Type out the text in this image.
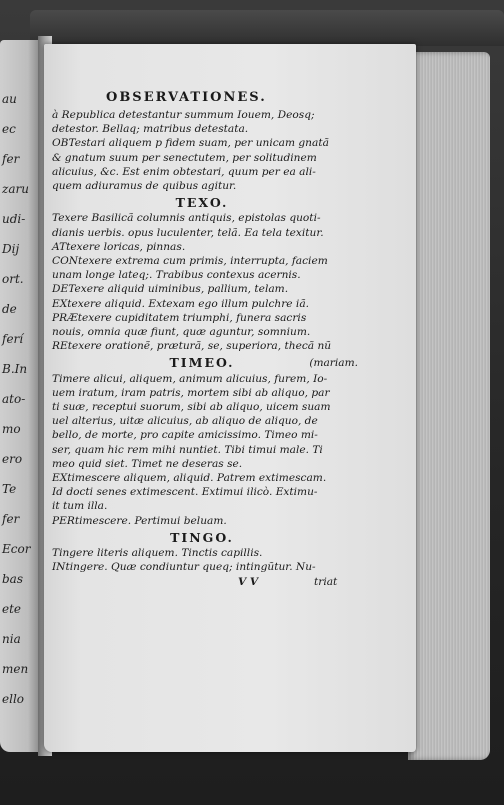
au
ec
fer
zaru
udi-
Dij
ort.
de
ferí
B.In
ato-
mo
ero
Te
fer
Ecor
bas
ete
nia
men
ello
OBSERVATIONES.
à Republica detestantur summum Iouem, Deosq;
detestor. Bellaq; matribus detestata.
OBTestari aliquem p fidem suam, per unicam gnatã
& gnatum suum per senectutem, per solitudinem
alicuius, &c. Est enim obtestari, quum per ea ali-
quem adiuramus de quibus agitur.
TEXO.
Texere Basilicã columnis antiquis, epistolas quoti-
dianis uerbis. opus luculenter, telã. Ea tela texitur.
ATtexere loricas, pinnas.
CONtexere extrema cum primis, interrupta, faciem
unam longe lateq;. Trabibus contexus acernis.
DETexere aliquid uiminibus, pallium, telam.
EXtexere aliquid. Extexam ego illum pulchre iã.
PRÆtexere cupiditatem triumphi, funera sacris
nouis, omnia quæ fiunt, quæ aguntur, somnium.
REtexere orationẽ, præturã, se, superiora, thecã nũ
TIMEO.	(mariam.
Timere alicui, aliquem, animum alicuius, furem, Io-
uem iratum, iram patris, mortem sibi ab aliquo, par
ti suæ, receptui suorum, sibi ab aliquo, uicem suam
uel alterius, uitæ alicuius, ab aliquo de aliquo, de
bello, de morte, pro capite amicissimo. Timeo mi-
ser, quam hic rem mihi nuntiet. Tibi timui male. Ti
meo quid siet. Timet ne deseras se.
EXtimescere aliquem, aliquid. Patrem extimescam.
Id docti senes extimescent. Extimui ilicò. Extimu-
it tum illa.
PERtimescere. Pertimui beluam.
TINGO.
Tingere literis aliquem. Tinctis capillis.
INtingere. Quæ condiuntur queq; intingũtur. Nu-
V V	triat
